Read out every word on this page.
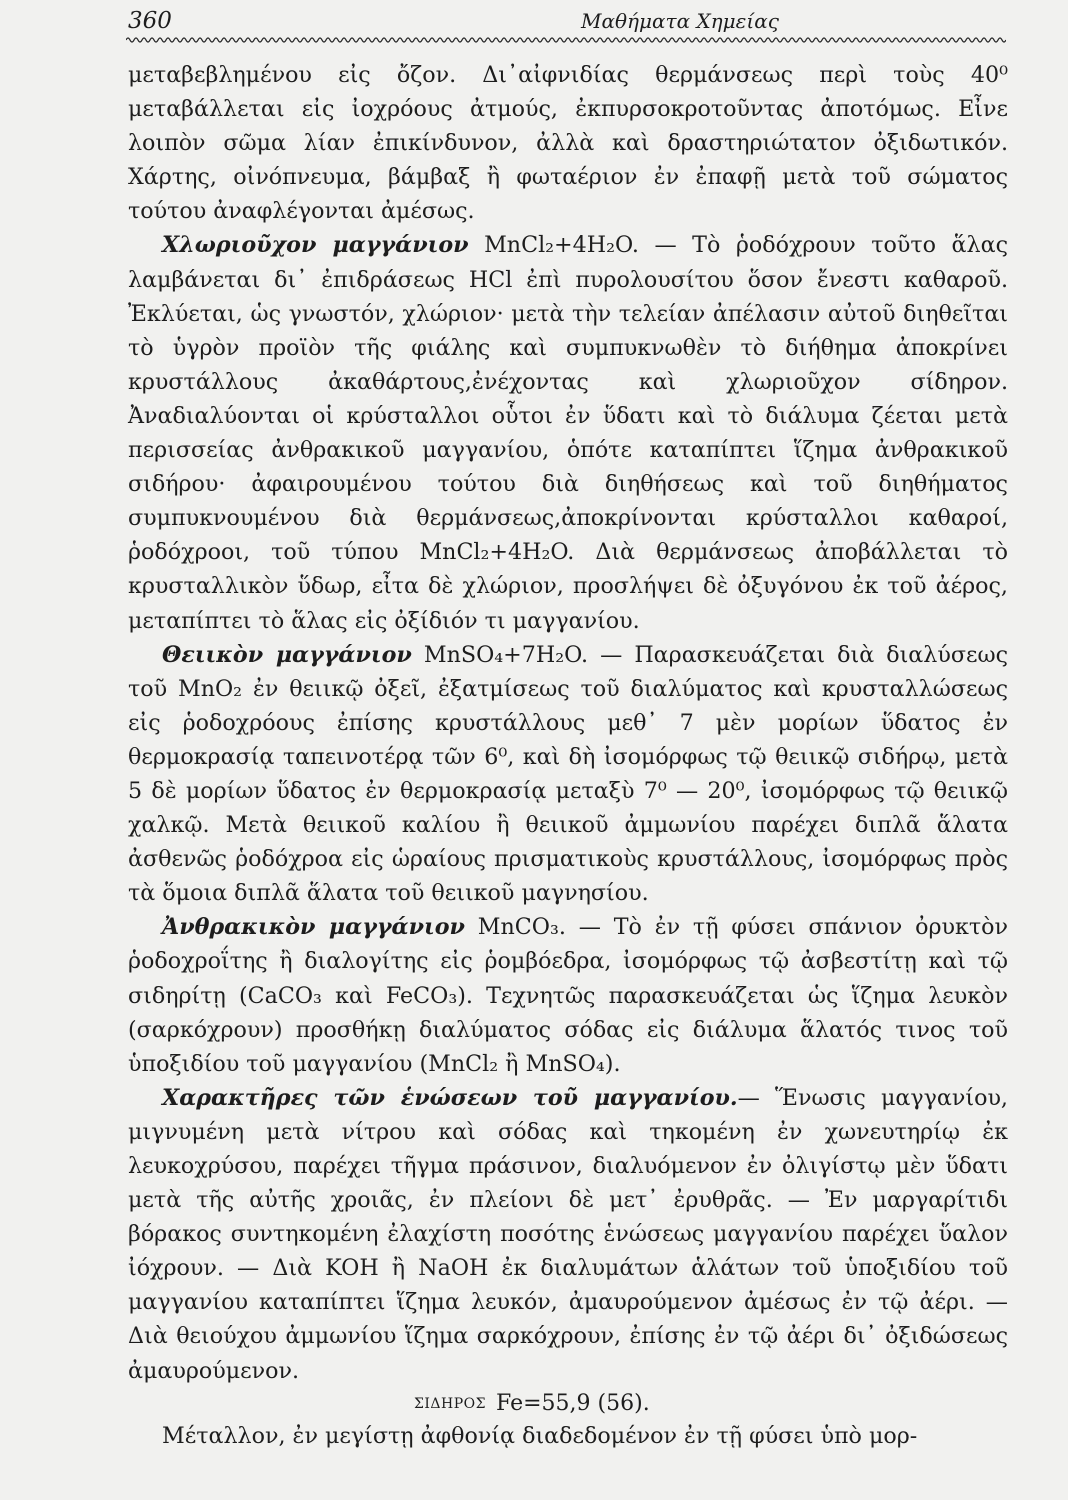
360	Μαθήματα Χημείας

μεταβεβλημένου εἰς ὄζον. Δι᾽αἰφνιδίας θερμάνσεως περὶ τοὺς 40⁰ μεταβάλλεται εἰς ἰοχρόους ἀτμούς, ἐκπυρσοκροτοῦντας ἀποτόμως. Εἶνε λοιπὸν σῶμα λίαν ἐπικίνδυνον, ἀλλὰ καὶ δραστηριώτατον ὀξιδωτικόν. Χάρτης, οἰνόπνευμα, βάμβαξ ἢ φωταέριον ἐν ἐπαφῇ μετὰ τοῦ σώματος τούτου ἀναφλέγονται ἀμέσως.

Χλωριοῦχον μαγγάνιον MnCl₂+4H₂O. — Τὸ ῥοδόχρουν τοῦτο ἅλας λαμβάνεται δι᾽ ἐπιδράσεως HCl ἐπὶ πυρολουσίτου ὅσον ἔνεστι καθαροῦ. Ἐκλύεται, ὡς γνωστόν, χλώριον· μετὰ τὴν τελείαν ἀπέλασιν αὐτοῦ διηθεῖται τὸ ὑγρὸν προϊὸν τῆς φιάλης καὶ συμπυκνωθὲν τὸ διήθημα ἀποκρίνει κρυστάλλους ἀκαθάρτους,ἐνέχοντας καὶ χλωριοῦχον σίδηρον. Ἀναδιαλύονται οἱ κρύσταλλοι οὗτοι ἐν ὕδατι καὶ τὸ διάλυμα ζέεται μετὰ περισσείας ἀνθρακικοῦ μαγγανίου, ὁπότε καταπίπτει ἵζημα ἀνθρακικοῦ σιδήρου· ἀφαιρουμένου τούτου διὰ διηθήσεως καὶ τοῦ διηθήματος συμπυκνουμένου διὰ θερμάνσεως,ἀποκρίνονται κρύσταλλοι καθαροί, ῥοδόχροοι, τοῦ τύπου MnCl₂+4H₂O. Διὰ θερμάνσεως ἀποβάλλεται τὸ κρυσταλλικὸν ὕδωρ, εἶτα δὲ χλώριον, προσλήψει δὲ ὀξυγόνου ἐκ τοῦ ἀέρος, μεταπίπτει τὸ ἅλας εἰς ὀξίδιόν τι μαγγανίου.

Θειικὸν μαγγάνιον MnSO₄+7H₂O. — Παρασκευάζεται διὰ διαλύσεως τοῦ MnO₂ ἐν θειικῷ ὀξεῖ, ἐξατμίσεως τοῦ διαλύματος καὶ κρυσταλλώσεως εἰς ῥοδοχρόους ἐπίσης κρυστάλλους μεθ᾽ 7 μὲν μορίων ὕδατος ἐν θερμοκρασίᾳ ταπεινοτέρᾳ τῶν 6⁰, καὶ δὴ ἰσομόρφως τῷ θειικῷ σιδήρῳ, μετὰ 5 δὲ μορίων ὕδατος ἐν θερμοκρασίᾳ μεταξὺ 7⁰ — 20⁰, ἰσομόρφως τῷ θειικῷ χαλκῷ. Μετὰ θειικοῦ καλίου ἢ θειικοῦ ἀμμωνίου παρέχει διπλᾶ ἅλατα ἀσθενῶς ῥοδόχροα εἰς ὡραίους πρισματικοὺς κρυστάλλους, ἰσομόρφως πρὸς τὰ ὅμοια διπλᾶ ἅλατα τοῦ θειικοῦ μαγνησίου.

Ἀνθρακικὸν μαγγάνιον MnCO₃. — Τὸ ἐν τῇ φύσει σπάνιον ὀρυκτὸν ῥοδοχροΐτης ἢ διαλογίτης εἰς ῥομβόεδρα, ἰσομόρφως τῷ ἀσβεστίτῃ καὶ τῷ σιδηρίτῃ (CaCO₃ καὶ FeCO₃). Τεχνητῶς παρασκευάζεται ὡς ἵζημα λευκὸν (σαρκόχρουν) προσθήκῃ διαλύματος σόδας εἰς διάλυμα ἅλατός τινος τοῦ ὑποξιδίου τοῦ μαγγανίου (MnCl₂ ἢ MnSO₄).

Χαρακτῆρες τῶν ἑνώσεων τοῦ μαγγανίου.— Ἕνωσις μαγγανίου, μιγνυμένη μετὰ νίτρου καὶ σόδας καὶ τηκομένη ἐν χωνευτηρίῳ ἐκ λευκοχρύσου, παρέχει τῆγμα πράσινον, διαλυόμενον ἐν ὀλιγίστῳ μὲν ὕδατι μετὰ τῆς αὐτῆς χροιᾶς, ἐν πλείονι δὲ μετ᾽ ἐρυθρᾶς. — Ἐν μαργαρίτιδι βόρακος συντηκομένη ἐλαχίστη ποσότης ἑνώσεως μαγγανίου παρέχει ὕαλον ἰόχρουν. — Διὰ KOH ἢ NaOH ἐκ διαλυμάτων ἁλάτων τοῦ ὑποξιδίου τοῦ μαγγανίου καταπίπτει ἵζημα λευκόν, ἀμαυρούμενον ἀμέσως ἐν τῷ ἀέρι. — Διὰ θειούχου ἀμμωνίου ἵζημα σαρκόχρουν, ἐπίσης ἐν τῷ ἀέρι δι᾽ ὀξιδώσεως ἀμαυρούμενον.

ΣΙΔΗΡΟΣ Fe=55,9 (56).

Μέταλλον, ἐν μεγίστῃ ἀφθονίᾳ διαδεδομένον ἐν τῇ φύσει ὑπὸ μορ-
